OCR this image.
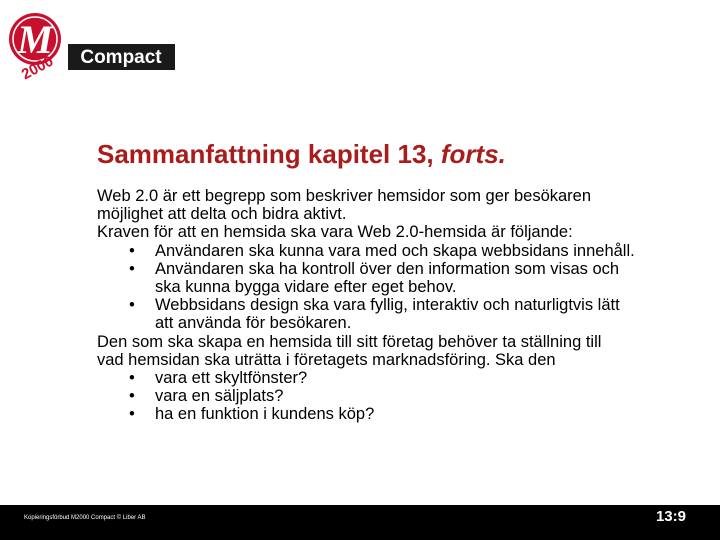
M
2000 Compact
Sammanfattning kapitel 13, forts.

Web 2.0 är ett begrepp som beskriver hemsidor som ger besökaren
möjlighet att delta och bidra aktivt.

Kraven för att en hemsida ska vara Web 2.0-hemsida är följande:

• Användaren ska kunna vara med och skapa webbsidans innehåll.
• Användaren ska ha kontroll över den information som visas och
ska kunna bygga vidare efter eget behov.
• Webbsidans design ska vara fyllig, interaktiv och naturligtvis lätt
att använda för besökaren.

Den som ska skapa en hemsida till sitt företag behöver ta ställning till
vad hemsidan ska uträtta i företagets marknadsföring. Ska den

• vara ett skyltfönster?
• vara en säljplats?
• ha en funktion i kundens köp?
Kopieringsförbud M2000 Compact © Liber AB	13:9
